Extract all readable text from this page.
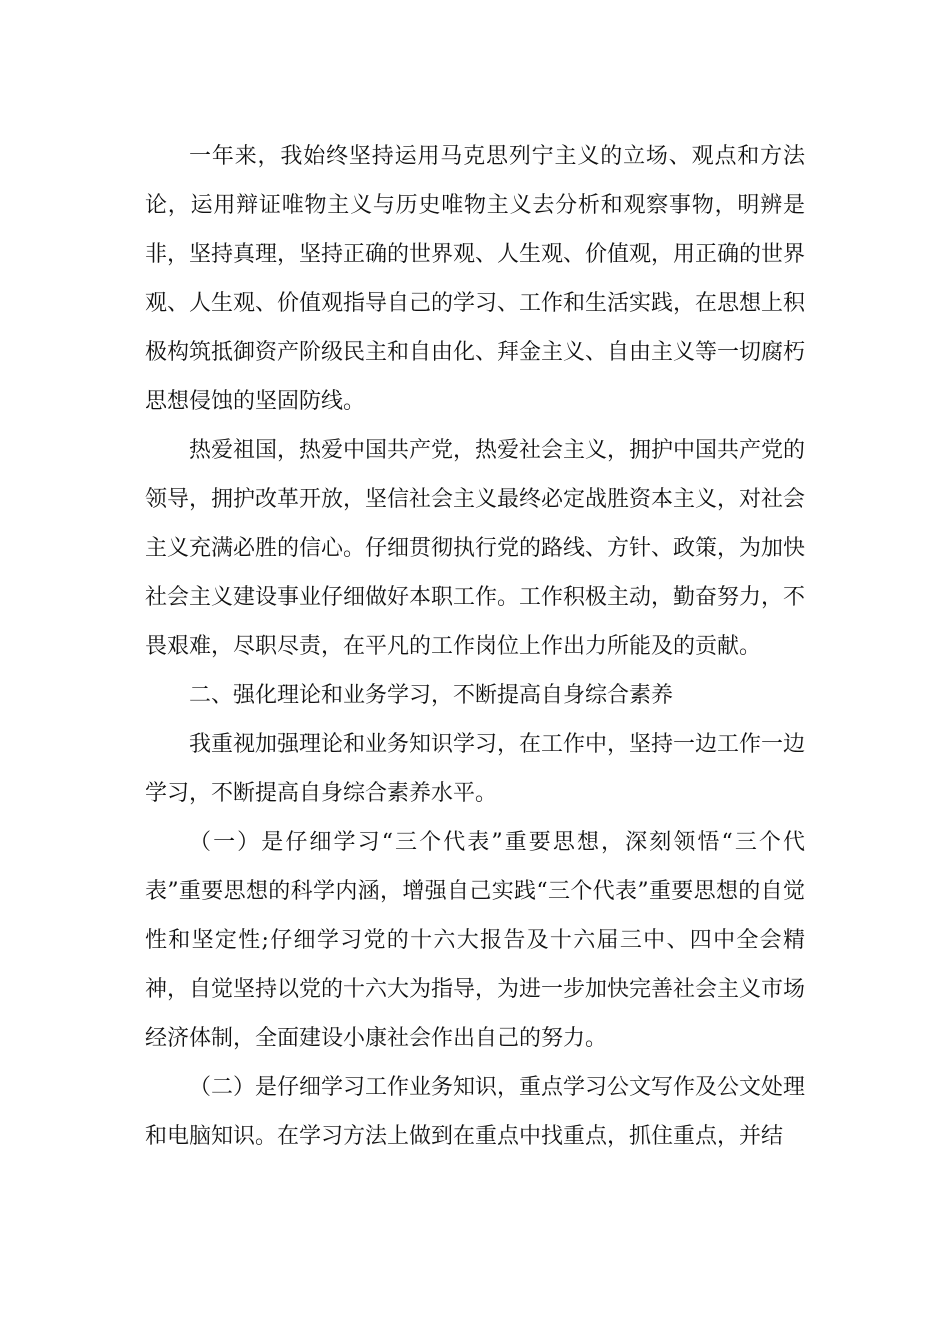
一年来，我始终坚持运用马克思列宁主义的立场、观点和方法论，运用辩证唯物主义与历史唯物主义去分析和观察事物，明辨是非，坚持真理，坚持正确的世界观、人生观、价值观，用正确的世界观、人生观、价值观指导自己的学习、工作和生活实践，在思想上积极构筑抵御资产阶级民主和自由化、拜金主义、自由主义等一切腐朽思想侵蚀的坚固防线。

热爱祖国，热爱中国共产党，热爱社会主义，拥护中国共产党的领导，拥护改革开放，坚信社会主义最终必定战胜资本主义，对社会主义充满必胜的信心。仔细贯彻执行党的路线、方针、政策，为加快社会主义建设事业仔细做好本职工作。工作积极主动，勤奋努力，不畏艰难，尽职尽责，在平凡的工作岗位上作出力所能及的贡献。

二、强化理论和业务学习，不断提高自身综合素养

我重视加强理论和业务知识学习，在工作中，坚持一边工作一边学习，不断提高自身综合素养水平。

（一）是仔细学习“三个代表”重要思想，深刻领悟“三个代表”重要思想的科学内涵，增强自己实践“三个代表”重要思想的自觉性和坚定性;仔细学习党的十六大报告及十六届三中、四中全会精神，自觉坚持以党的十六大为指导，为进一步加快完善社会主义市场经济体制，全面建设小康社会作出自己的努力。

（二）是仔细学习工作业务知识，重点学习公文写作及公文处理和电脑知识。在学习方法上做到在重点中找重点，抓住重点，并结
